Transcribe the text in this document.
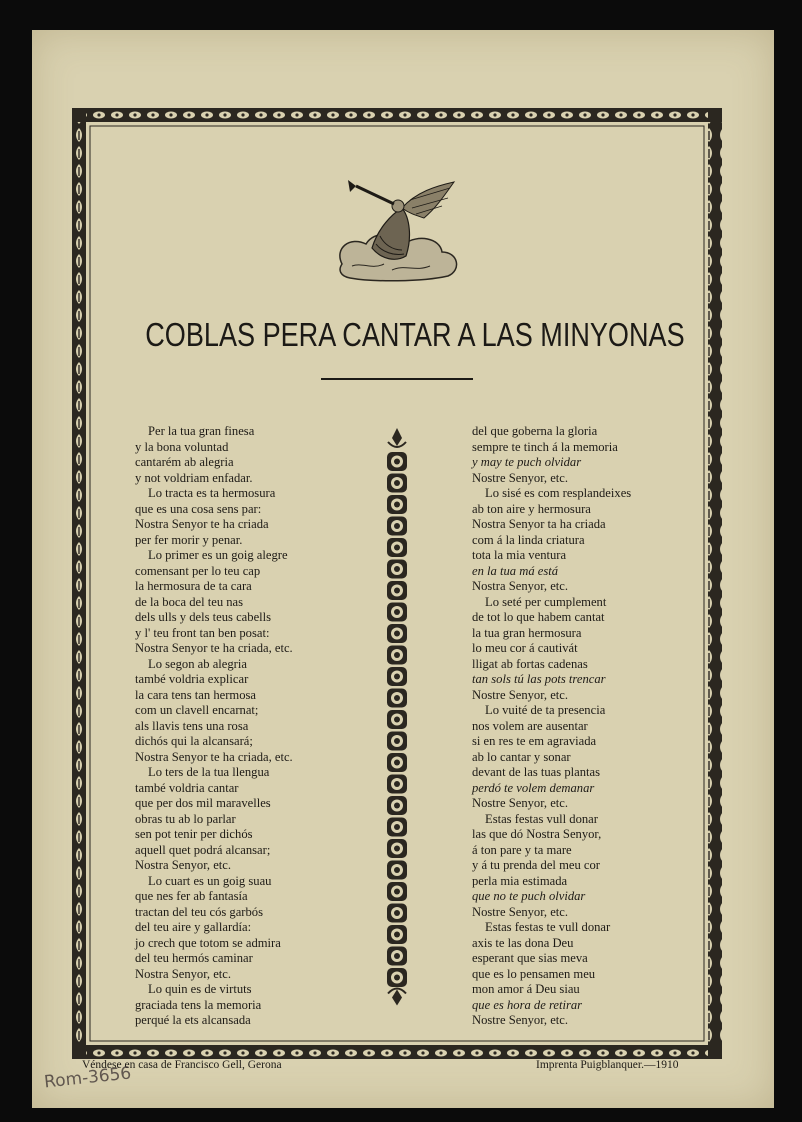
COBLAS PERA CANTAR A LAS MINYONAS
Per la tua gran finesa
y la bona voluntad
cantarém ab alegria
y not voldriam enfadar.
Lo tracta es ta hermosura
que es una cosa sens par:
Nostra Senyor te ha criada
per fer morir y penar.
Lo primer es un goig alegre
comensant per lo teu cap
la hermosura de ta cara
de la boca del teu nas
dels ulls y dels teus cabells
y l' teu front tan ben posat:
Nostra Senyor te ha criada, etc.
Lo segon ab alegria
també voldria explicar
la cara tens tan hermosa
com un clavell encarnat;
als llavis tens una rosa
dichós qui la alcansará;
Nostra Senyor te ha criada, etc.
Lo ters de la tua llengua
també voldria cantar
que per dos mil maravelles
obras tu ab lo parlar
sen pot tenir per dichós
aquell quet podrá alcansar;
Nostra Senyor, etc.
Lo cuart es un goig suau
que nes fer ab fantasía
tractan del teu cós garbós
del teu aire y gallardía:
jo crech que totom se admira
del teu hermós caminar
Nostra Senyor, etc.
Lo quin es de virtuts
graciada tens la memoria
perqué la ets alcansada
del que goberna la gloria
sempre te tinch á la memoria
y may te puch olvidar
Nostre Senyor, etc.
Lo sisé es com resplandeixes
ab ton aire y hermosura
Nostra Senyor ta ha criada
com á la linda criatura
tota la mia ventura
en la tua má está
Nostra Senyor, etc.
Lo seté per cumplement
de tot lo que habem cantat
la tua gran hermosura
lo meu cor á cautivát
lligat ab fortas cadenas
tan sols tú las pots trencar
Nostre Senyor, etc.
Lo vuité de ta presencia
nos volem are ausentar
si en res te em agraviada
ab lo cantar y sonar
devant de las tuas plantas
perdó te volem demanar
Nostre Senyor, etc.
Estas festas vull donar
las que dó Nostra Senyor,
á ton pare y ta mare
y á tu prenda del meu cor
perla mia estimada
que no te puch olvidar
Nostre Senyor, etc.
Estas festas te vull donar
axis te las dona Deu
esperant que sias meva
que es lo pensamen meu
mon amor á Deu siau
que es hora de retirar
Nostre Senyor, etc.
Véndese en casa de Francisco Gell, Gerona	Imprenta Puigblanquer.—1910
Rom-3656
